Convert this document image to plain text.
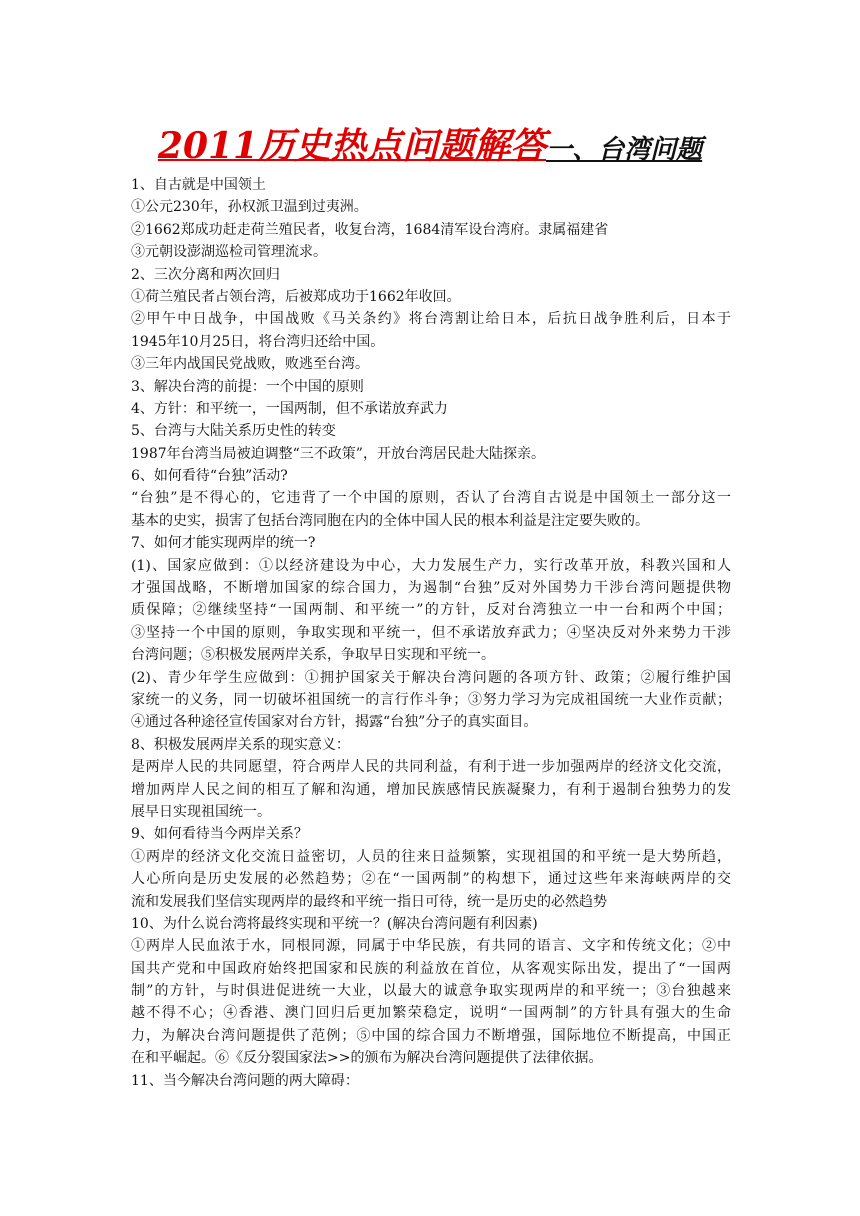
2011历史热点问题解答一、台湾问题
1、自古就是中国领土
①公元230年，孙权派卫温到过夷洲。
②1662郑成功赶走荷兰殖民者，收复台湾，1684清军设台湾府。隶属福建省
③元朝设澎湖巡检司管理流求。
2、三次分离和两次回归
①荷兰殖民者占领台湾，后被郑成功于1662年收回。
②甲午中日战争，中国战败《马关条约》将台湾割让给日本，后抗日战争胜利后，日本于
1945年10月25日，将台湾归还给中国。
③三年内战国民党战败，败逃至台湾。
3、解决台湾的前提：一个中国的原则
4、方针：和平统一，一国两制，但不承诺放弃武力
5、台湾与大陆关系历史性的转变
1987年台湾当局被迫调整“三不政策”，开放台湾居民赴大陆探亲。
6、如何看待“台独”活动?
“台独”是不得心的，它违背了一个中国的原则，否认了台湾自古说是中国领土一部分这一
基本的史实，损害了包括台湾同胞在内的全体中国人民的根本利益是注定要失败的。
7、如何才能实现两岸的统一?
(1)、国家应做到：①以经济建设为中心，大力发展生产力，实行改革开放，科教兴国和人
才强国战略，不断增加国家的综合国力，为遏制“台独”反对外国势力干涉台湾问题提供物
质保障；②继续坚持“一国两制、和平统一”的方针，反对台湾独立一中一台和两个中国；
③坚持一个中国的原则，争取实现和平统一，但不承诺放弃武力；④坚决反对外来势力干涉
台湾问题；⑤积极发展两岸关系，争取早日实现和平统一。
(2)、青少年学生应做到：①拥护国家关于解决台湾问题的各项方针、政策；②履行维护国
家统一的义务，同一切破坏祖国统一的言行作斗争；③努力学习为完成祖国统一大业作贡献；
④通过各种途径宣传国家对台方针，揭露“台独”分子的真实面目。
8、积极发展两岸关系的现实意义：
是两岸人民的共同愿望，符合两岸人民的共同利益，有利于进一步加强两岸的经济文化交流，
增加两岸人民之间的相互了解和沟通，增加民族感情民族凝聚力，有利于遏制台独势力的发
展早日实现祖国统一。
9、如何看待当今两岸关系？
①两岸的经济文化交流日益密切，人员的往来日益频繁，实现祖国的和平统一是大势所趋，
人心所向是历史发展的必然趋势；②在“一国两制”的构想下，通过这些年来海峡两岸的交
流和发展我们坚信实现两岸的最终和平统一指日可待，统一是历史的必然趋势
10、为什么说台湾将最终实现和平统一？(解决台湾问题有利因素)
①两岸人民血浓于水，同根同源，同属于中华民族，有共同的语言、文字和传统文化；②中
国共产党和中国政府始终把国家和民族的利益放在首位，从客观实际出发，提出了“一国两
制”的方针，与时俱进促进统一大业，以最大的诚意争取实现两岸的和平统一；③台独越来
越不得不心；④香港、澳门回归后更加繁荣稳定，说明“一国两制”的方针具有强大的生命
力，为解决台湾问题提供了范例；⑤中国的综合国力不断增强，国际地位不断提高，中国正
在和平崛起。⑥《反分裂国家法>>的颁布为解决台湾问题提供了法律依据。
11、当今解决台湾问题的两大障碍：
